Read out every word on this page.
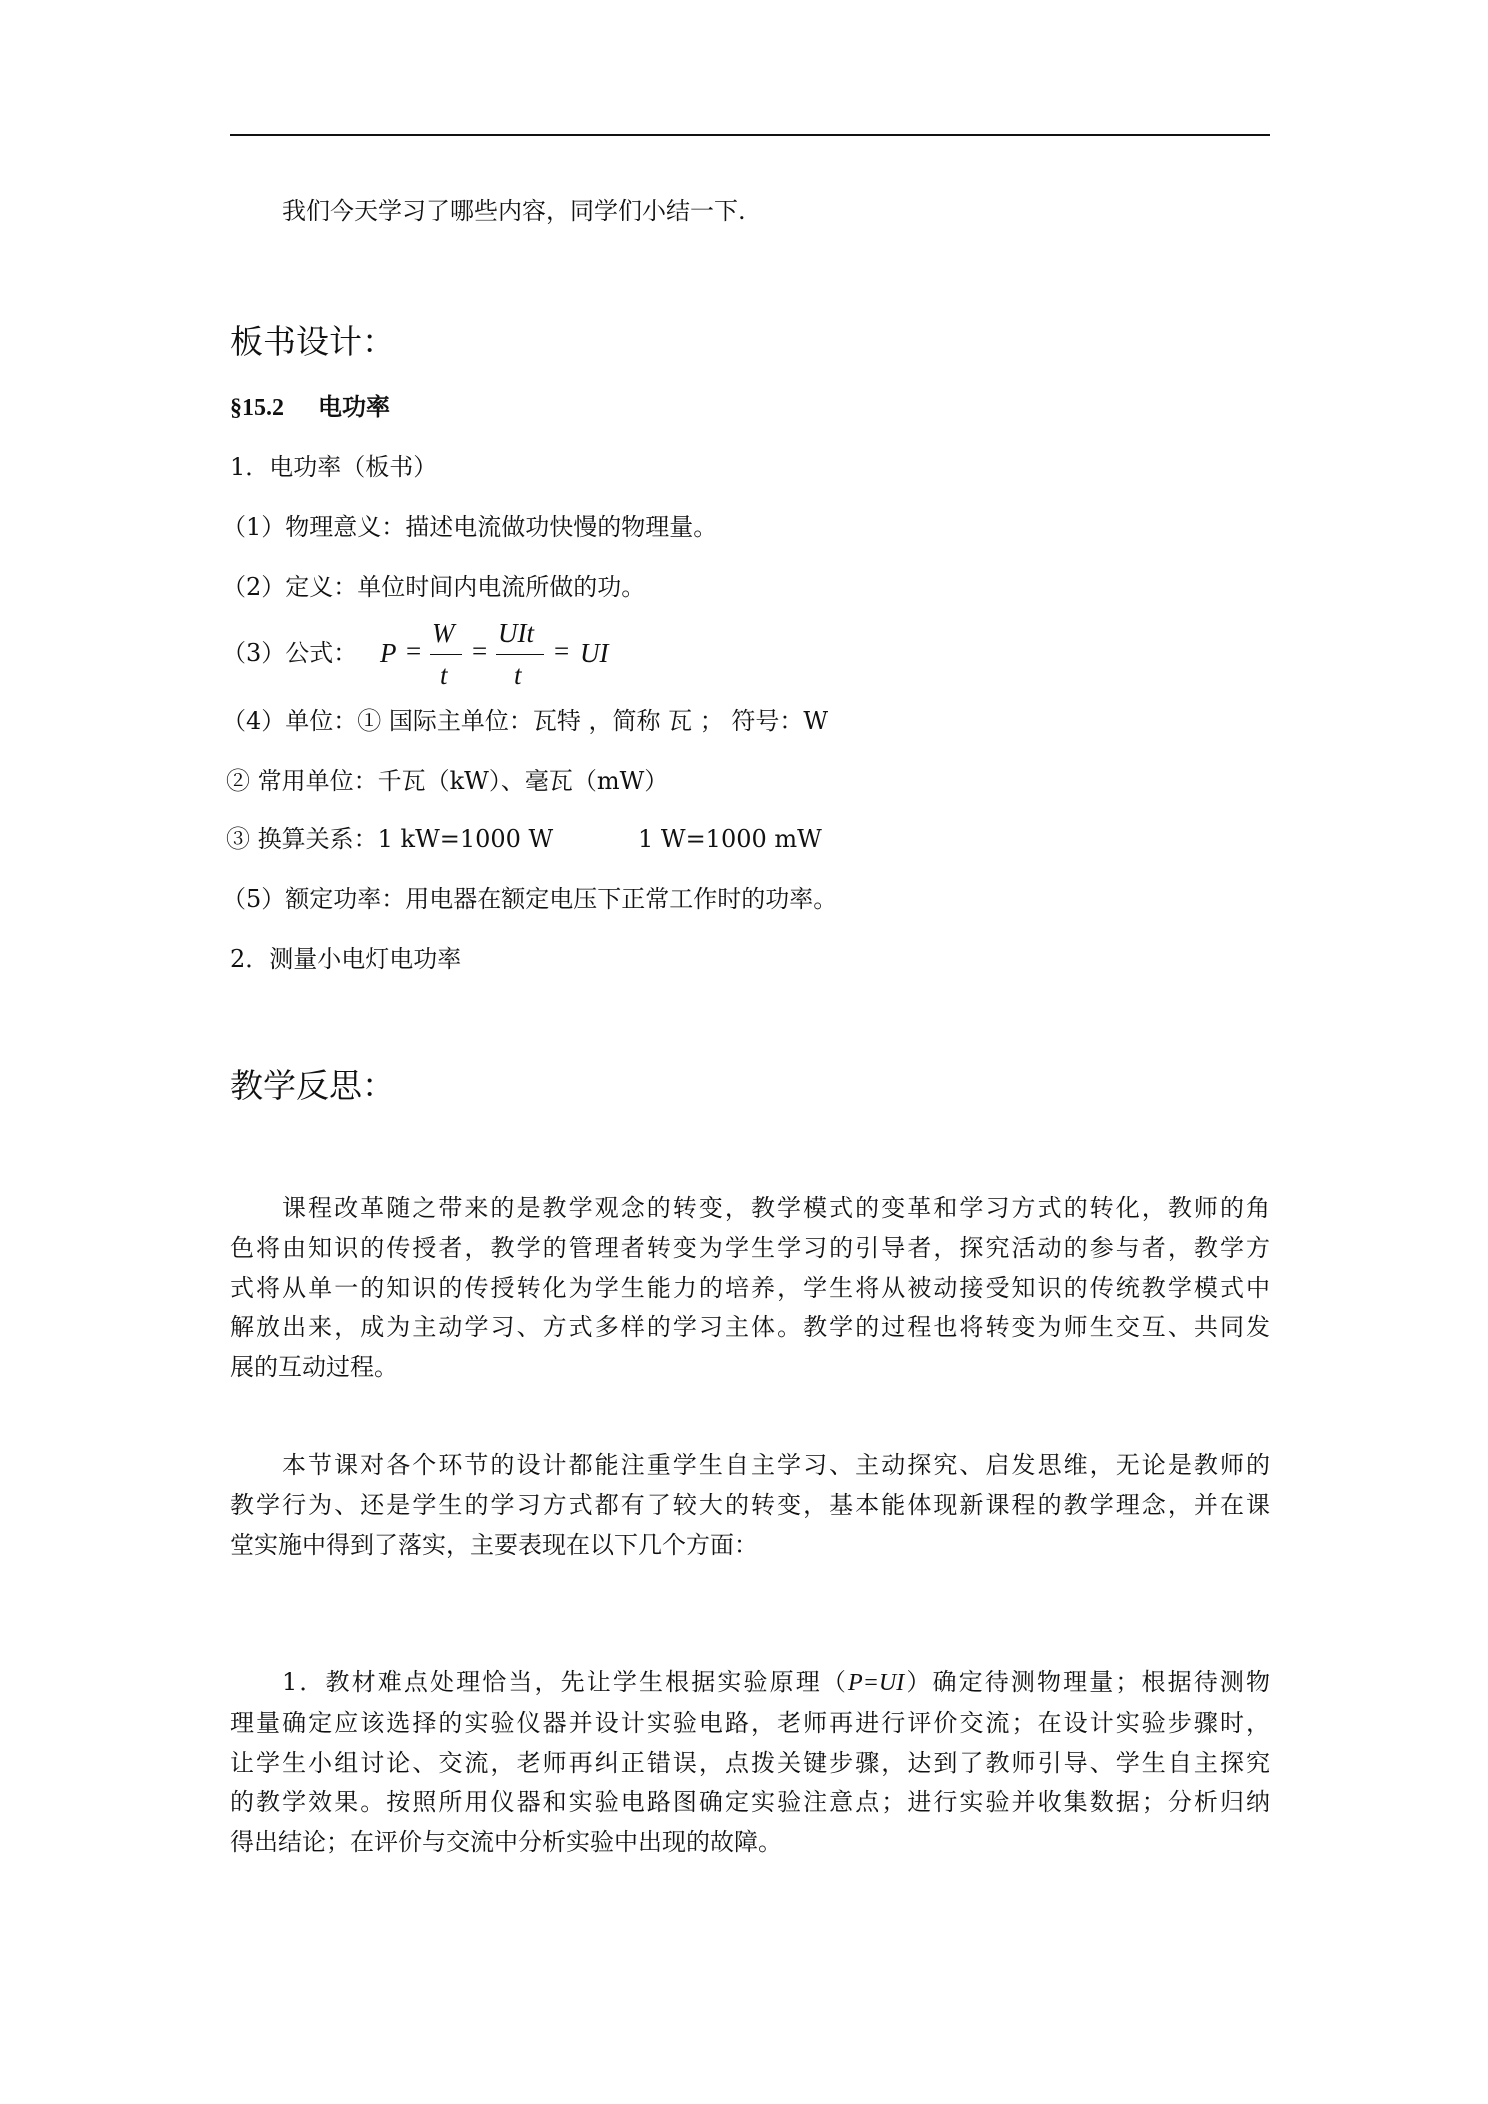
我们今天学习了哪些内容，同学们小结一下.
板书设计：
§15.2 电功率
1．电功率（板书）
（1）物理意义：描述电流做功快慢的物理量。
（2）定义：单位时间内电流所做的功。
（3）公式： P =
W
t
=
UIt
t
= UI
（4）单位：① 国际主单位：瓦特 ，简称 瓦 ； 符号：W
② 常用单位：千瓦（kW）、毫瓦（mW）
③ 换算关系：1 kW=1000 W	1 W=1000 mW
（5）额定功率：用电器在额定电压下正常工作时的功率。
2．测量小电灯电功率
教学反思：
课程改革随之带来的是教学观念的转变，教学模式的变革和学习方式的转化，教师的角
色将由知识的传授者，教学的管理者转变为学生学习的引导者，探究活动的参与者，教学方
式将从单一的知识的传授转化为学生能力的培养，学生将从被动接受知识的传统教学模式中
解放出来，成为主动学习、方式多样的学习主体。教学的过程也将转变为师生交互、共同发
展的互动过程。
本节课对各个环节的设计都能注重学生自主学习、主动探究、启发思维，无论是教师的
教学行为、还是学生的学习方式都有了较大的转变，基本能体现新课程的教学理念，并在课
堂实施中得到了落实，主要表现在以下几个方面：
1．教材难点处理恰当，先让学生根据实验原理（P=UI）确定待测物理量；根据待测物
理量确定应该选择的实验仪器并设计实验电路，老师再进行评价交流；在设计实验步骤时，
让学生小组讨论、交流，老师再纠正错误，点拨关键步骤，达到了教师引导、学生自主探究
的教学效果。按照所用仪器和实验电路图确定实验注意点；进行实验并收集数据；分析归纳
得出结论；在评价与交流中分析实验中出现的故障。
